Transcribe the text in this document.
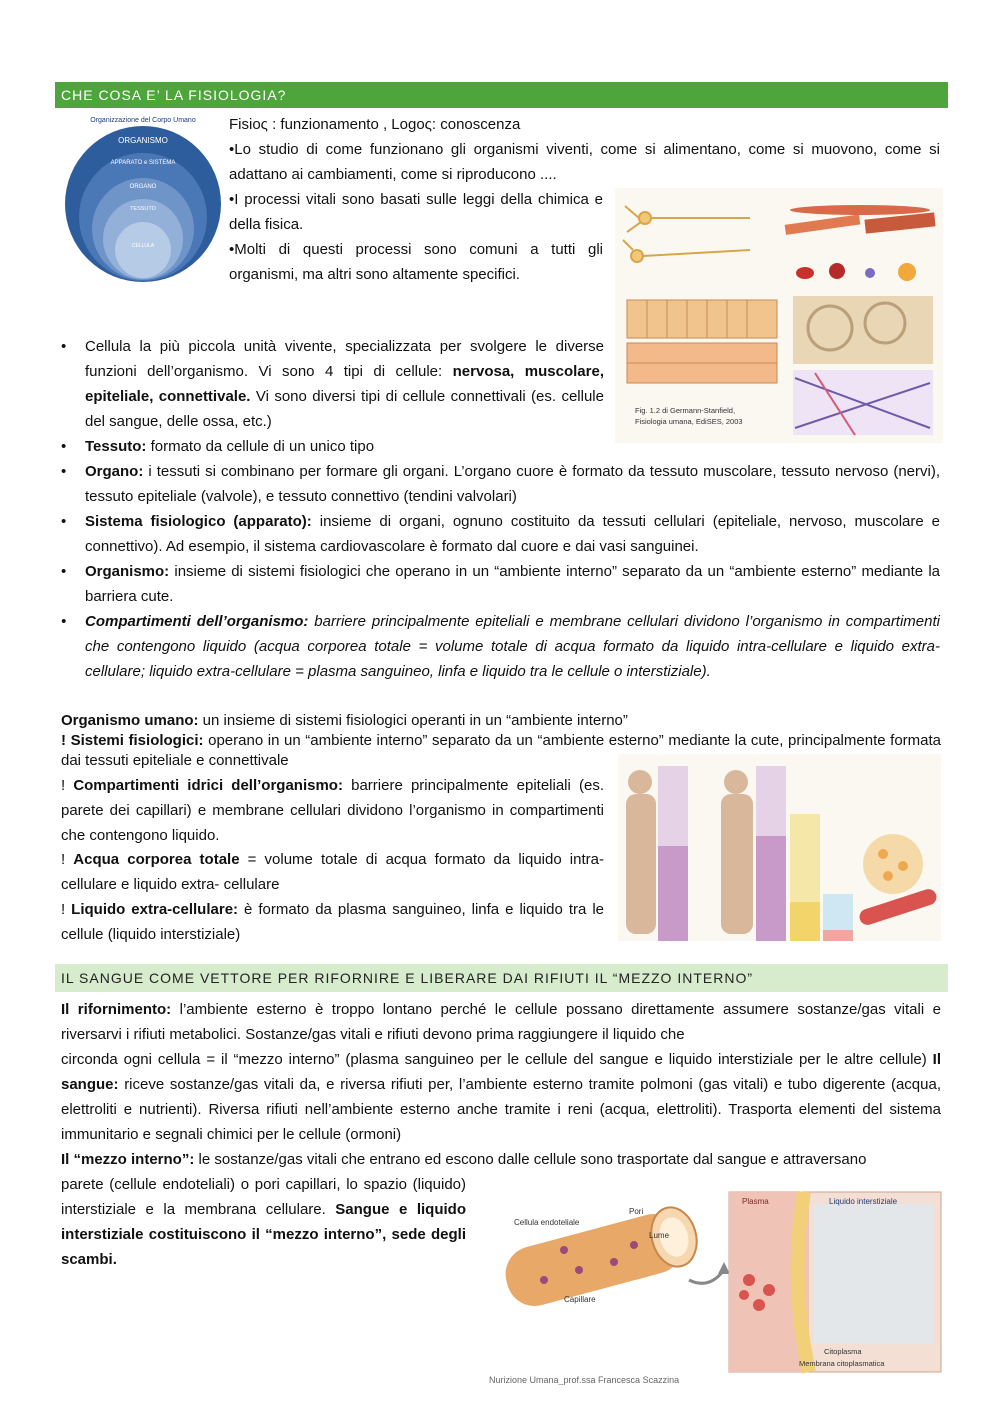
CHE COSA E’ LA FISIOLOGIA?
Organizzazione del Corpo Umano
ORGANISMO
APPARATO e SISTEMA
ORGANO
TESSUTO
CELLULA
Fisioς : funzionamento , Logoς: conoscenza
•Lo studio di come funzionano gli organismi viventi, come si alimentano, come si muovono, come si adattano ai cambiamenti, come si riproducono ....
•I processi vitali sono basati sulle leggi della chimica e della fisica.
•Molti di questi processi sono comuni a tutti gli organismi, ma altri sono altamente specifici.
Fig. 1.2 di Germann-Stanfield,
Fisiologia umana, EdiSES, 2003
• Cellula la più piccola unità vivente, specializzata per svolgere le diverse funzioni dell’organismo. Vi sono 4 tipi di cellule: nervosa, muscolare, epiteliale, connettivale. Vi sono diversi tipi di cellule connettivali (es. cellule del sangue, delle ossa, etc.)
• Tessuto: formato da cellule di un unico tipo
• Organo: i tessuti si combinano per formare gli organi. L’organo cuore è formato da tessuto muscolare, tessuto nervoso (nervi), tessuto epiteliale (valvole), e tessuto connettivo (tendini valvolari)
• Sistema fisiologico (apparato): insieme di organi, ognuno costituito da tessuti cellulari (epiteliale, nervoso, muscolare e connettivo). Ad esempio, il sistema cardiovascolare è formato dal cuore e dai vasi sanguinei.
• Organismo: insieme di sistemi fisiologici che operano in un “ambiente interno” separato da un “ambiente esterno” mediante la barriera cute.
• Compartimenti dell’organismo: barriere principalmente epiteliali e membrane cellulari dividono l’organismo in compartimenti che contengono liquido (acqua corporea totale = volume totale di acqua formato da liquido intra-cellulare e liquido extra-cellulare; liquido extra-cellulare = plasma sanguineo, linfa e liquido tra le cellule o interstiziale).
Organismo umano: un insieme di sistemi fisiologici operanti in un “ambiente interno”
! Sistemi fisiologici: operano in un “ambiente interno” separato da un “ambiente esterno” mediante la cute, principalmente formata dai tessuti epiteliale e connettivale
! Compartimenti idrici dell’organismo: barriere principalmente epiteliali (es. parete dei capillari) e membrane cellulari dividono l’organismo in compartimenti che contengono liquido.
! Acqua corporea totale = volume totale di acqua formato da liquido intra-cellulare e liquido extra- cellulare
! Liquido extra-cellulare: è formato da plasma sanguineo, linfa e liquido tra le cellule (liquido interstiziale)
IL SANGUE COME VETTORE PER RIFORNIRE E LIBERARE DAI RIFIUTI IL “MEZZO INTERNO”
Il rifornimento: l’ambiente esterno è troppo lontano perché le cellule possano direttamente assumere sostanze/gas vitali e riversarvi i rifiuti metabolici. Sostanze/gas vitali e rifiuti devono prima raggiungere il liquido che
circonda ogni cellula = il “mezzo interno” (plasma sanguineo per le cellule del sangue e liquido interstiziale per le altre cellule) Il sangue: riceve sostanze/gas vitali da, e riversa rifiuti per, l’ambiente esterno tramite polmoni (gas vitali) e tubo digerente (acqua, elettroliti e nutrienti). Riversa rifiuti nell’ambiente esterno anche tramite i reni (acqua, elettroliti). Trasporta elementi del sistema immunitario e segnali chimici per le cellule (ormoni)
Il “mezzo interno”: le sostanze/gas vitali che entrano ed escono dalle cellule sono trasportate dal sangue e attraversano
parete (cellule endoteliali) o pori capillari, lo spazio (liquido) interstiziale e la membrana cellulare. Sangue e liquido interstiziale costituiscono il “mezzo interno”, sede degli scambi.
Cellula endoteliale
Pori
Lume
Capillare
Plasma	Liquido interstiziale
Citoplasma
Membrana citoplasmatica
Nurizione Umana_prof.ssa Francesca Scazzina
